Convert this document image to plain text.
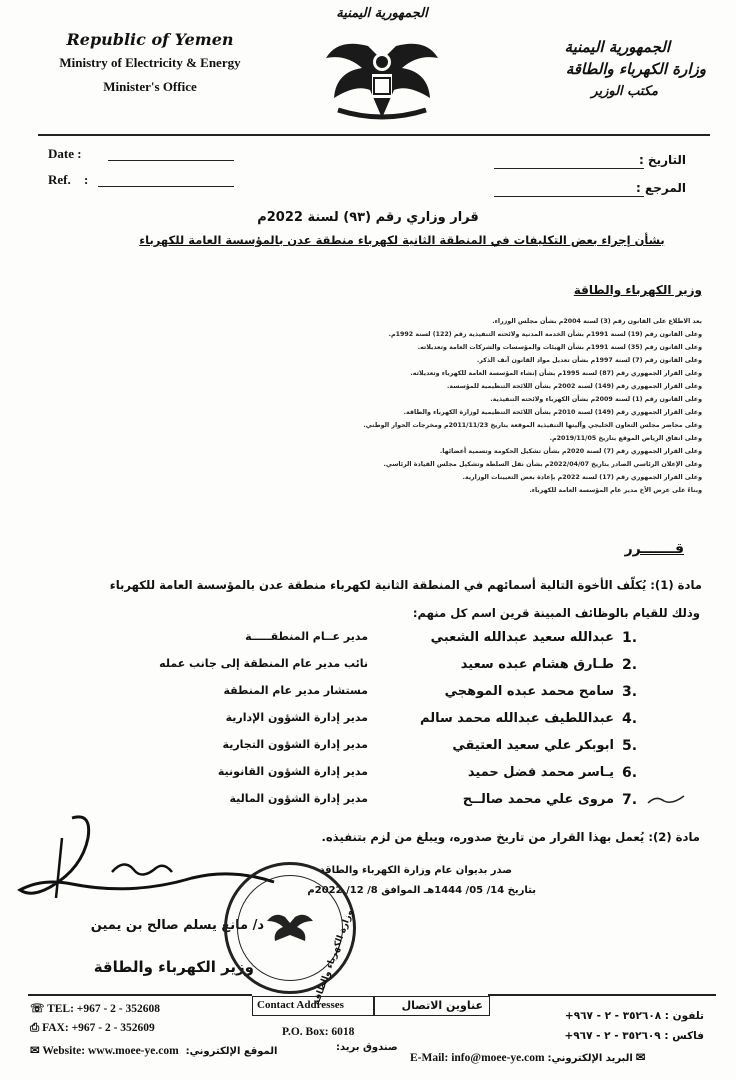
Republic of Yemen
Ministry of Electricity & Energy
Minister's Office
الجمهورية اليمنية
الجمهورية اليمنية
وزارة الكهرباء والطاقة
مكتب الوزير
Date :
Ref. :
التاريخ :
المرجع :
قرار وزاري رقم (٩٣) لسنة 2022م
بشأن إجراء بعض التكليفات في المنطقة الثانية لكهرباء منطقة عدن بالمؤسسة العامة للكهرباء
وزير الكهرباء والطاقة
بعد الاطلاع على القانون رقم (3) لسنة 2004م بشأن مجلس الوزراء.
وعلى القانون رقم (19) لسنة 1991م بشأن الخدمة المدنية ولائحته التنفيذية رقم (122) لسنة 1992م.
وعلى القانون رقم (35) لسنة 1991م بشأن الهيئات والمؤسسات والشركات العامة وتعديلاته.
وعلى القانون رقم (7) لسنة 1997م بشأن تعديل مواد القانون آنف الذكر.
وعلى القرار الجمهوري رقم (87) لسنة 1995م بشأن إنشاء المؤسسة العامة للكهرباء وتعديلاته.
وعلى القرار الجمهوري رقم (149) لسنة 2002م بشأن اللائحة التنظيمية للمؤسسة.
وعلى القانون رقم (1) لسنة 2009م بشأن الكهرباء ولائحته التنفيذية.
وعلى القرار الجمهوري رقم (149) لسنة 2010م بشأن اللائحة التنظيمية لوزارة الكهرباء والطاقة.
وعلى محاضر مجلس التعاون الخليجي وآليتها التنفيذية الموقعة بتاريخ 2011/11/23م ومخرجات الحوار الوطني.
وعلى اتفاق الرياض الموقع بتاريخ 2019/11/05م.
وعلى القرار الجمهوري رقم (7) لسنة 2020م بشأن تشكيل الحكومة وتسمية أعضائها.
وعلى الإعلان الرئاسي الصادر بتاريخ 2022/04/07م بشأن نقل السلطة وتشكيل مجلس القيادة الرئاسي.
وعلى القرار الجمهوري رقم (17) لسنة 2022م بإعادة بعض التعيينات الوزارية.
وبناءً على عرض الأخ مدير عام المؤسسة العامة للكهرباء.
قـــــــرر
مادة (1): يُكلّف الأخوة التالية أسمائهم في المنطقة الثانية لكهرباء منطقة عدن بالمؤسسة العامة للكهرباء
وذلك للقيام بالوظائف المبينة قرين اسم كل منهم:
1.
عبدالله سعيد عبدالله الشعبي
مدير عــام المنطقـــــة
2.
طـارق هشام عبده سعيد
نائب مدير عام المنطقة إلى جانب عمله
3.
سامح محمد عبده الموهجي
مستشار مدير عام المنطقة
4.
عبداللطيف عبدالله محمد سالم
مدير إدارة الشؤون الإدارية
5.
ابوبكر علي سعيد العتيقي
مدير إدارة الشؤون التجارية
6.
يـاسر محمد فضل حميد
مدير إدارة الشؤون القانونية
7.
مروى علي محمد صالــح
مدير إدارة الشؤون المالية
مادة (2): يُعمل بهذا القرار من تاريخ صدوره، ويبلغ من لزم بتنفيذه.
صدر بديوان عام وزارة الكهرباء والطاقة
بتاريخ 14/ 05/ 1444هـ الموافق 8/ 12/ 2022م
د/ مانع يسلم صالح بن يمين
وزير الكهرباء والطاقة	وزارة الكهرباء والطاقة
Contact Addresses	عناوين الاتصال
☏ TEL: +967 - 2 - 352608
⎙ FAX: +967 - 2 - 352609
✉ Website: www.moee-ye.com :الموقع الإلكتروني
P.O. Box: 6018
صندوق بريد:
تلفون : ٣٥٢٦٠٨ - ٢ - ٩٦٧+
فاكس : ٣٥٢٦٠٩ - ٢ - ٩٦٧+
E-Mail: info@moee-ye.com :البريد الإلكتروني ✉
